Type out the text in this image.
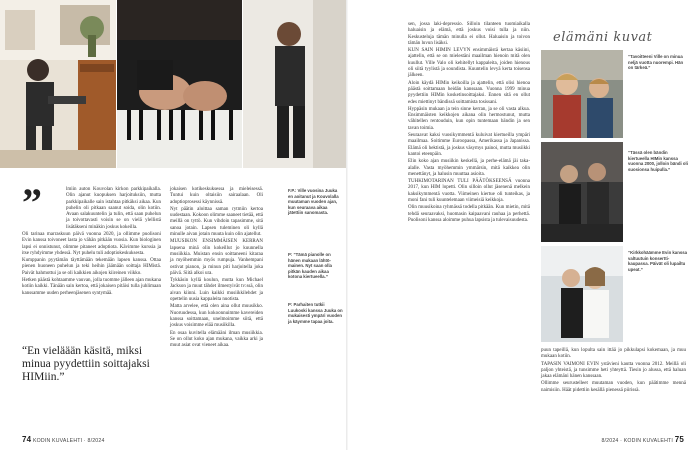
”	lmiin auton Kouvolan kirkon parkkipaikalla. Olin ajanut kuopuksen harjoituksiin, mutta parkkipaikalle sain istahtaa pitkäksi aikaa. Kun puhelin oli pitkaan saanut soida, olin kotiin. Avaan salakuuntelin ja tulin, että saan puhelun ja toivottavasti voisin se on vielä ylellistä lisätäkseni minäkin joskus kokeilla.

Oli tarinaa marraskuun päivä vuonna 2020, ja ollimme puolisoni Evin kanssa toivoneet lasta jo vähän pitkään vuosia. Kun biologinen lapsi ei onnistunut, olimme pitaneet adoptiota. Kävimme kurssia ja itse ryhdyimme yhdessä. Nyt puhelu tuli adoptiokeskuksesta.

Kumppanin pyytämän täyttämään tekemään lapsen kanssa. Ottaa pienen huoneen puhelun ja teki heihin jäämään soittaja HIMistä. Paivät hahmottui ja se oli kaikkien aikojen kiireinen viikko.

Hetken päästä kohtaamme vauvan, jolla tuomme jälleen ajan mukana kotiin kaikki. Tänään sain kertoa, että jokaisen pitäisi tulla juhlimaan kanssamme uuden perheenjäsenen syntymää.

“En vieläään käsitä, miksi minua pyydettiin soittajaksi HIMiin.”

jokaisen kotikeskuksessa ja mieleisessä. Tuntui kuin oltaisiin sairaalaan. Oli adoptioprosessi käynnissä.

Nyt päätin aloittaa saman rytmiin kertoa uudestaan. Kokoon olimme saaneet tietää, että meillä on tyttö. Kun vihdoin tapasimme, sitä sanoa jotain. Lapsen tuleminen oli kyllä minulle aivan jotain muuta kuin olin ajatellut.

MUUSIKON ENSIMMÄISEN KERRAN lapsena minä olin kokeillut jo kuunnella musiikkia. Muistan ensin soittaneeni kitaraa ja myöhemmin myös rumpuja. Vanhempani ostivat pianon, ja minun piti harjoitella joka päivä. Siitä alkoi ura.

Tykkäsin kyllä koulun, mutta kun Michael Jackson ja muut tähdet ilmestyivät tv:ssä, olin aivan kiinni. Luin kaikki musiikkilehdet ja opettelin uusia kappaleita nuotista.

Matta arvelee, että olen aina ollut muusikko. Nuoruudessa, kun kokoonnuimme kavereiden kanssa soittamaan, unelmoimme siitä, että joskus voisimme elää musiikilla.

En osaa kuvitella elämääni ilman musiikkia. Se on ollut koko ajan mukana, vaikka arki ja muut asiat ovat vieneet aikaa.

F.P.: Ville vuosina Juuka en aoitanut ja Kouvolalla muutaman vuoden ajan, kun seuraava aikaa jätettiin sanomasta.
P: “Tämä pianolle on hänen mukaan lähtö-mainen. Nyt saan olla pitkän kauden aikaa kotona kiertueella.”
P: Parhaiten tutkii Luukoski kanssa Juuka on mukaisesti ympäri vuoden ja käymme tapaa joita.
74 KODIN KUVALEHTI · 8/2024

sen, jossa laki-depressio. Silloin tilanteen tuomiaikalla haluaisin ja elämä, että joskus voisi tulla ja niin. Keskusteluja tämän minulla ei ollut. Haluaisin ja toivon tämän luvun lisäksi.

KUN SAIN HIMIN LEVYN ensimmäistä kertaa käsiini, ajattelin, että se on mielestäni maailman hienoin mitä olen kuullut. Ville Valo oli kehitellyt kappaleita, joiden hienous oli siitä tyylistä ja soundista. Kuuntelin levyä kerta toisensa jälkeen.

Aloin käydä HIMin keikoilla ja ajattelin, että olisi hienoa päästä soittamaan heidän kanssaan. Vuonna 1999 minua pyydettiin HIMin kosketinsoittajaksi. Ennen sitä en ollut edes miettinyt bändissä soittamista tosissani.

Hyppäsin mukaan ja tein sinne kerran, ja se oli vasta alkua. Ensimmäisten keikkojen aikana olin hermostunut, mutta vähitellen rentouduin, kun opin tuntemaan bändin ja sen tavan toimia.

Seuraavat kaksi vuosikymmentä kuluivat kiertueilla ympäri maailmaa. Soitimme Euroopassa, Amerikassa ja Japanissa. Elämä oli hektistä, ja joskus väsymys painoi, mutta musiikki kantoi eteenpäin.

Elin koko ajan musiikin keskellä, ja perhe-elämä jäi taka-alalle. Vasta myöhemmin ymmärsin, mitä kaikkea olin menettänyt, ja halusin muuttaa asioita.

TUHKIMOTARINAN TULI PÄÄTÖKSEENSÄ vuonna 2017, kun HIM lopetti. Olin silloin ollut jäsenenä melkein kaksikymmentä vuotta. Viimeinen kiertue oli tunteikas, ja moni fani tuli kuuntelemaan viimeisiä keikkoja.

Olin muusikoina ryhmässä todella pitkään. Kun mietin, mitä tehdä seuraavaksi, huomasin kaipaavani rauhaa ja perhettä. Puolisoni kanssa aloimme puhua lapsista ja tulevaisuudesta.

elämäni kuvat
“Tavoitteeni Ville on minua neljä vuotta nuorempi. Hän on tärkeä.”
“Tässä olen bändin kiertueella HIMin kanssa vuonna 2000, jolloin bändi oli suosionsa huipulla.”
“Kirkkohäämme Evin kanssa valtuutuin konsertti-kaupassa. Päivät oli lupailtu upeat.”

puun tapeillä, kun lopulta sain ittää jo pikkulapsi kokemaan, ja muu mukaan kotiin.

TAPASIN VAIMONI EVIN ystävieni kautta vuonna 2012. Meillä oli paljon yhteistä, ja tunsimme heti yhteyttä. Tiesin jo alussa, että haluan jakaa elämäni hänen kanssaan.

Ollimme seurustelleet muutaman vuoden, kun päätimme mennä naimisiin. Häät pidettiin kesällä pienessä piirissä.

8/2024 · KODIN KUVALEHTI 75
